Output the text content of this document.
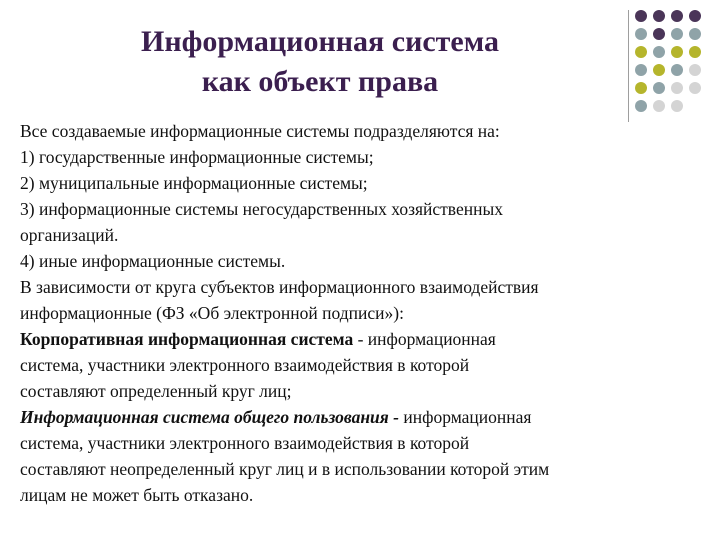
Информационная система
как объект права
Все создаваемые информационные системы подразделяются на:
1) государственные информационные системы;
2) муниципальные информационные системы;
3) информационные системы негосударственных хозяйственных
организаций.
4) иные информационные системы.
В зависимости от круга субъектов информационного взаимодействия
информационные (ФЗ «Об электронной подписи»):
Корпоративная информационная система - информационная
система, участники электронного взаимодействия в которой
составляют определенный круг лиц;
Информационная система общего пользования - информационная
система, участники электронного взаимодействия в которой
составляют неопределенный круг лиц и в использовании которой этим
лицам не может быть отказано.
